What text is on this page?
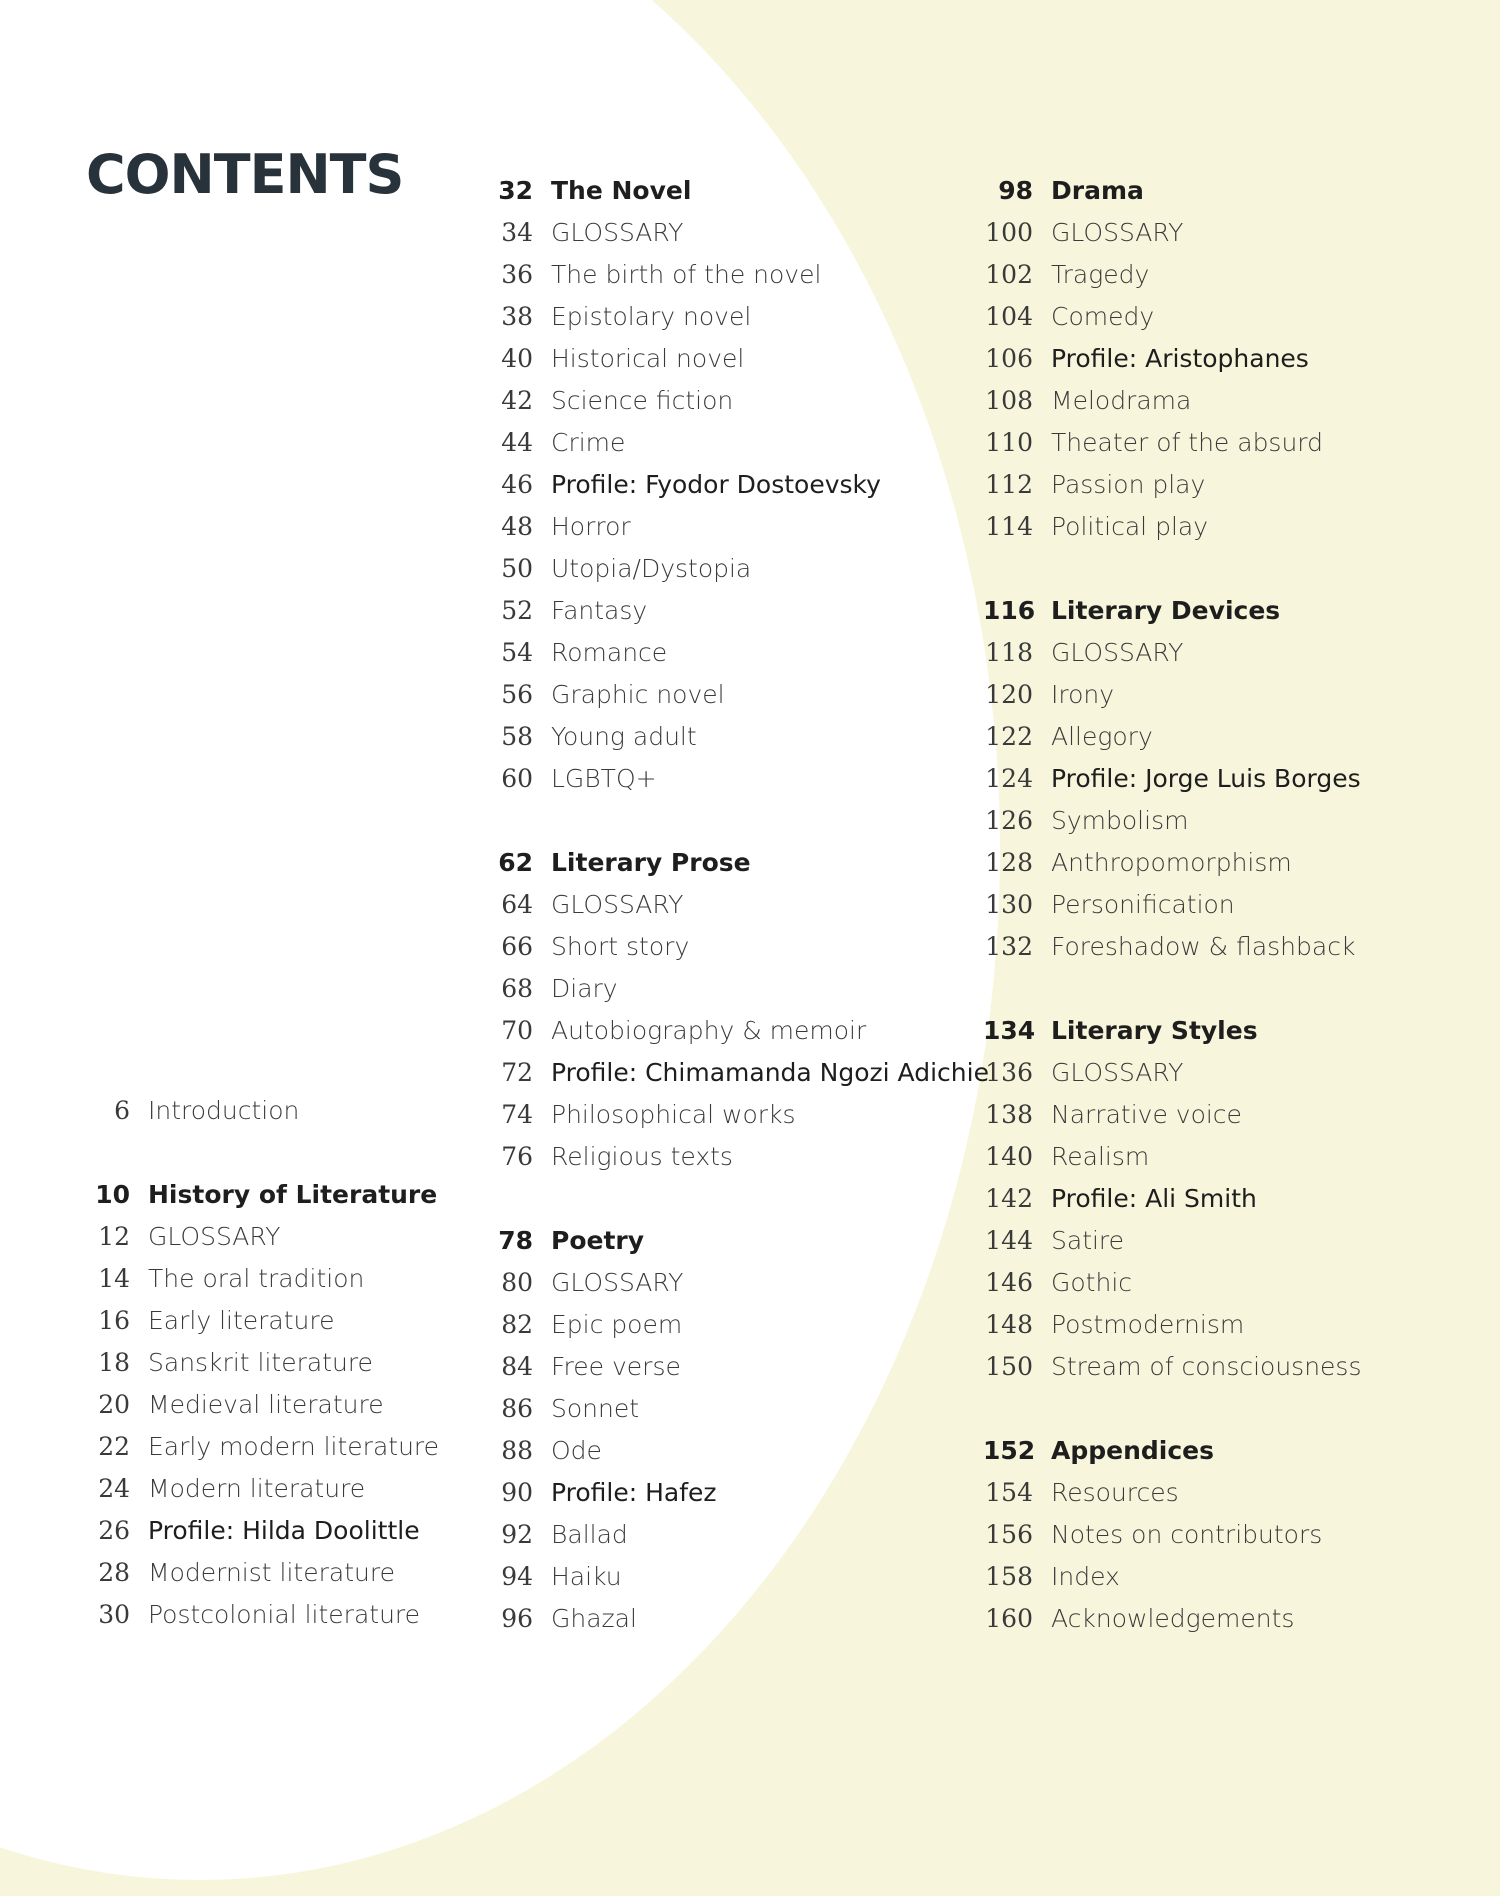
CONTENTS
6 Introduction
10 History of Literature
12 GLOSSARY
14 The oral tradition
16 Early literature
18 Sanskrit literature
20 Medieval literature
22 Early modern literature
24 Modern literature
26 Profile: Hilda Doolittle
28 Modernist literature
30 Postcolonial literature
32 The Novel
34 GLOSSARY
36 The birth of the novel
38 Epistolary novel
40 Historical novel
42 Science fiction
44 Crime
46 Profile: Fyodor Dostoevsky
48 Horror
50 Utopia/Dystopia
52 Fantasy
54 Romance
56 Graphic novel
58 Young adult
60 LGBTQ+
62 Literary Prose
64 GLOSSARY
66 Short story
68 Diary
70 Autobiography & memoir
72 Profile: Chimamanda Ngozi Adichie
74 Philosophical works
76 Religious texts
78 Poetry
80 GLOSSARY
82 Epic poem
84 Free verse
86 Sonnet
88 Ode
90 Profile: Hafez
92 Ballad
94 Haiku
96 Ghazal
98 Drama
100 GLOSSARY
102 Tragedy
104 Comedy
106 Profile: Aristophanes
108 Melodrama
110 Theater of the absurd
112 Passion play
114 Political play
116 Literary Devices
118 GLOSSARY
120 Irony
122 Allegory
124 Profile: Jorge Luis Borges
126 Symbolism
128 Anthropomorphism
130 Personification
132 Foreshadow & flashback
134 Literary Styles
136 GLOSSARY
138 Narrative voice
140 Realism
142 Profile: Ali Smith
144 Satire
146 Gothic
148 Postmodernism
150 Stream of consciousness
152 Appendices
154 Resources
156 Notes on contributors
158 Index
160 Acknowledgements
